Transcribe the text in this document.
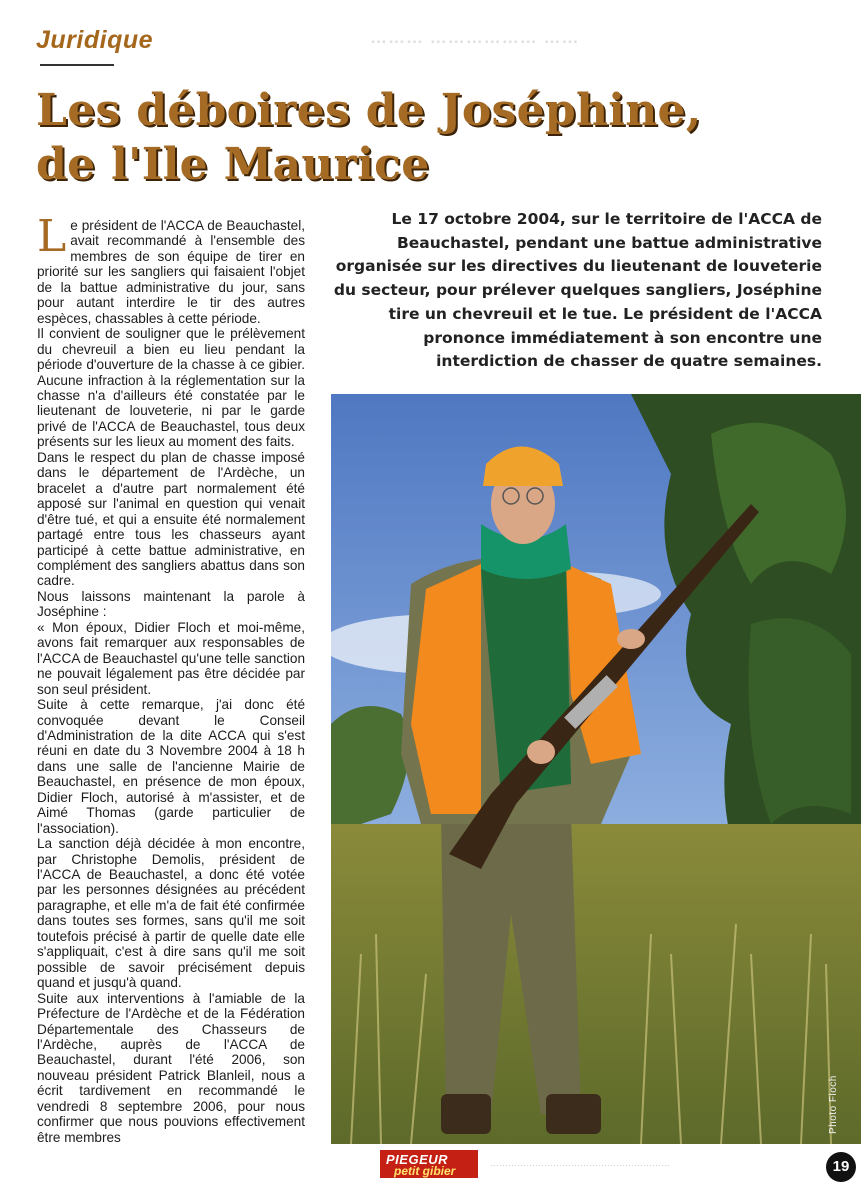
Juridique	……… ……………… ……
Les déboires de Joséphine,
de l'Ile Maurice

Le 17 octobre 2004, sur le territoire de l'ACCA de Beauchastel, pendant une battue administrative organisée sur les directives du lieutenant de louveterie du secteur, pour prélever quelques sangliers, Joséphine tire un chevreuil et le tue. Le président de l'ACCA prononce immédiatement à son encontre une interdiction de chasser de quatre semaines.

Le président de l'ACCA de Beauchastel, avait recommandé à l'ensemble des membres de son équipe de tirer en priorité sur les sangliers qui faisaient l'objet de la battue administrative du jour, sans pour autant interdire le tir des autres espèces, chassables à cette période.

Il convient de souligner que le prélèvement du chevreuil a bien eu lieu pendant la période d'ouverture de la chasse à ce gibier. Aucune infraction à la réglementation sur la chasse n'a d'ailleurs été constatée par le lieutenant de louveterie, ni par le garde privé de l'ACCA de Beauchastel, tous deux présents sur les lieux au moment des faits.

Dans le respect du plan de chasse imposé dans le département de l'Ardèche, un bracelet a d'autre part normalement été apposé sur l'animal en question qui venait d'être tué, et qui a ensuite été normalement partagé entre tous les chasseurs ayant participé à cette battue administrative, en complément des sangliers abattus dans son cadre.

Nous laissons maintenant la parole à Joséphine :

« Mon époux, Didier Floch et moi-même, avons fait remarquer aux responsables de l'ACCA de Beauchastel qu'une telle sanction ne pouvait légalement pas être décidée par son seul président.

Suite à cette remarque, j'ai donc été convoquée devant le Conseil d'Administration de la dite ACCA qui s'est réuni en date du 3 Novembre 2004 à 18 h dans une salle de l'ancienne Mairie de Beauchastel, en présence de mon époux, Didier Floch, autorisé à m'assister, et de Aimé Thomas (garde particulier de l'association).

La sanction déjà décidée à mon encontre, par Christophe Demolis, président de l'ACCA de Beauchastel, a donc été votée par les personnes désignées au précédent paragraphe, et elle m'a de fait été confirmée dans toutes ses formes, sans qu'il me soit toutefois précisé à partir de quelle date elle s'appliquait, c'est à dire sans qu'il me soit possible de savoir précisément depuis quand et jusqu'à quand.

Suite aux interventions à l'amiable de la Préfecture de l'Ardèche et de la Fédération Départementale des Chasseurs de l'Ardèche, auprès de l'ACCA de Beauchastel, durant l'été 2006, son nouveau président Patrick Blanleil, nous a écrit tardivement en recommandé le vendredi 8 septembre 2006, pour nous confirmer que nous pouvions effectivement être membres

Photo Floch
PIEGEUR
petit gibier
……………………………………………………	19
